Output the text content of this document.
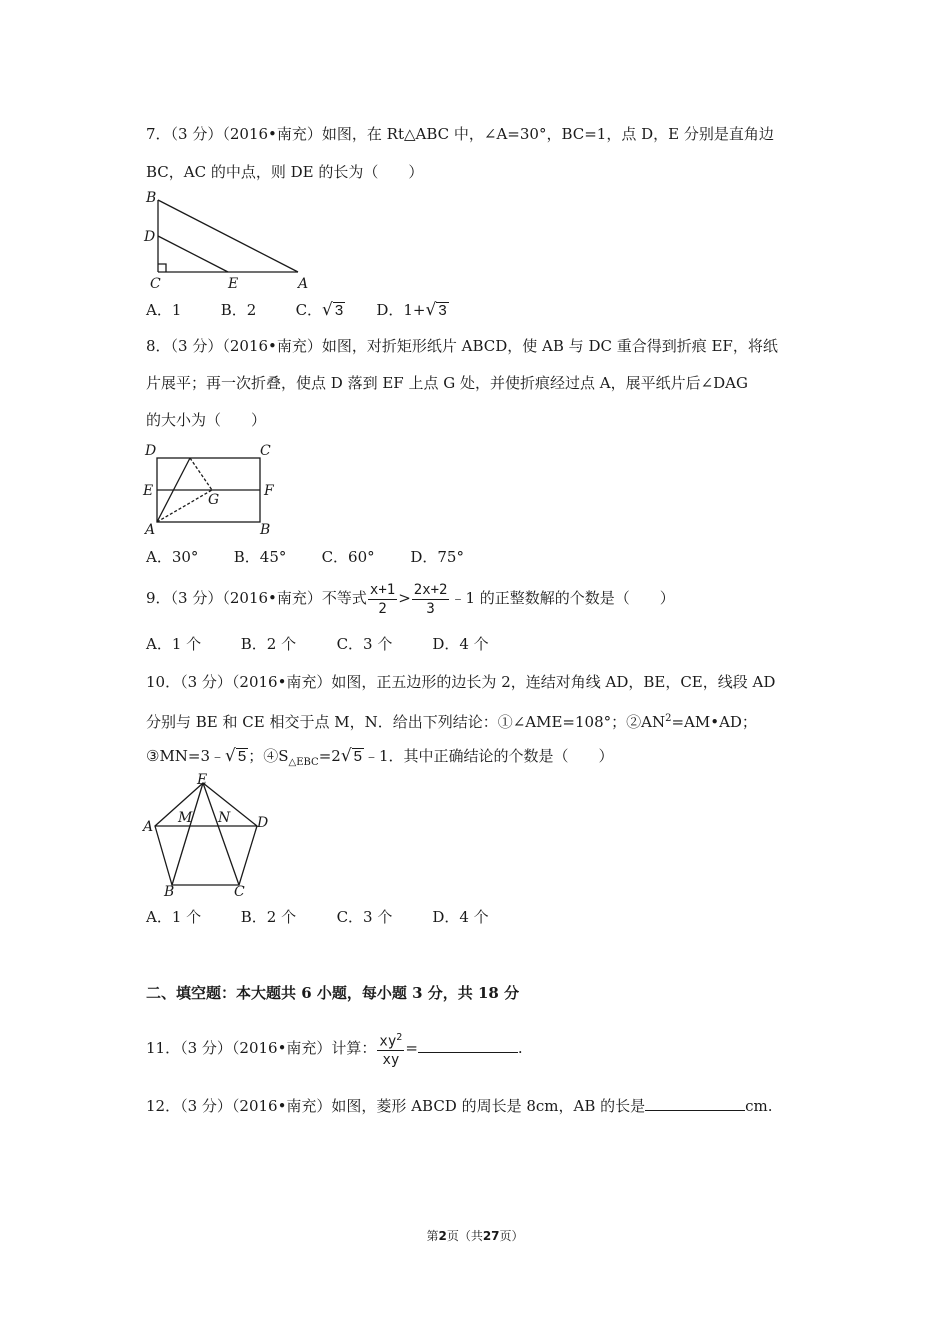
7．（3 分）（2016•南充）如图，在 Rt△ABC 中，∠A=30°，BC=1，点 D，E 分别是直角边
BC，AC 的中点，则 DE 的长为（　　）
B
D
C	E	A
A．1	B．2	C．√ 3 D．1+√ 3
8．（3 分）（2016•南充）如图，对折矩形纸片 ABCD，使 AB 与 DC 重合得到折痕 EF，将纸
片展平；再一次折叠，使点 D 落到 EF 上点 G 处，并使折痕经过点 A，展平纸片后∠DAG
的大小为（　　）
D	C
E	F
G
A	B
A．30° B．45° C．60° D．75°
9．（3 分）（2016•南充）不等式 $\frac{x+1}{2} > \frac{2x+2}{3}$ ﹣1 的正整数解的个数是（　　）
A．1 个	B．2 个	C．3 个	D．4 个
10．（3 分）（2016•南充）如图，正五边形的边长为 2，连结对角线 AD，BE，CE，线段 AD
分别与 BE 和 CE 相交于点 M，N．给出下列结论：①∠AME=108°；$②AN^2=AM•AD$；
③MN=3﹣√ 5 ；$④S_{\triangle EBC}=2√$ 5 ﹣1．其中正确结论的个数是（　　）
E
A
M N D
B	C
A．1 个	B．2 个	C．3 个	D．4 个
二、填空题：本大题共 6 小题，每小题 3 分，共 18 分
11．（3 分）（2016•南充）计算： $\frac{xy^2}{xy}$ =	.
12．（3 分）（2016•南充）如图，菱形 ABCD 的周长是 8cm，AB 的长是	cm.
第2页（共27页）
